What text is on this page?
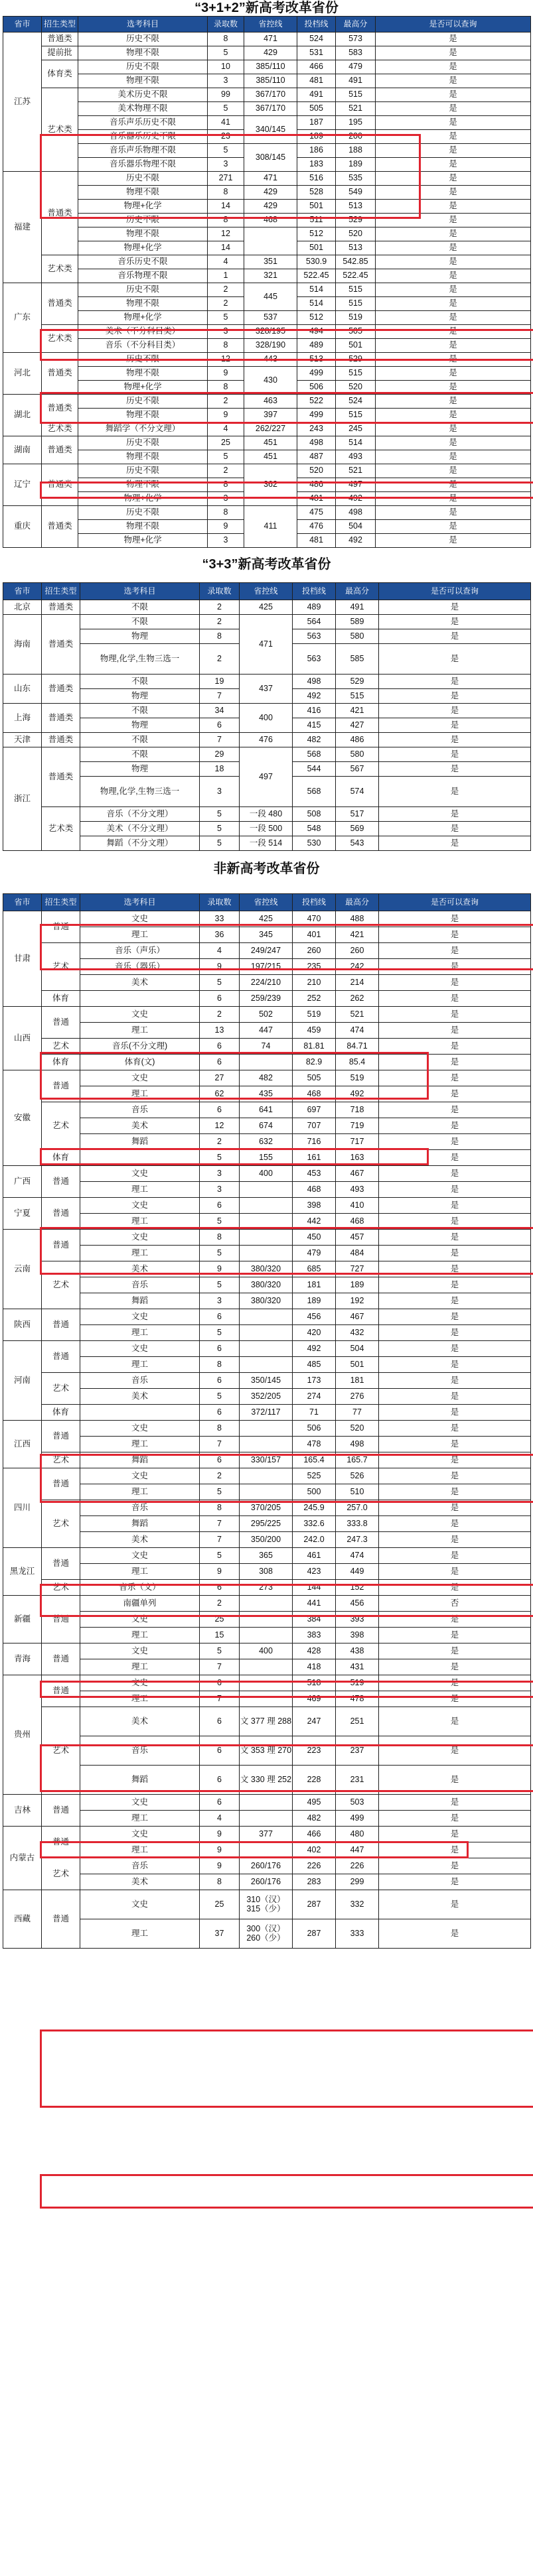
“3+1+2”新高考改革省份
省市	招生类型	选考科目	录取数	省控线	投档线	最高分	是否可以查询
江苏	普通类	历史不限	8	471	524	573	是
	提前批	物理不限	5	429	531	583	是
	体育类	历史不限	10	385/110	466	479	是
		物理不限	3	385/110	481	491	是
	艺术类	美术历史不限	99	367/170	491	515	是
		美术物理不限	5	367/170	505	521	是
		音乐声乐历史不限	41	340/145	187	195	是
		音乐器乐历史不限	23		189	200	是
		音乐声乐物理不限	5	308/145	186	188	是
		音乐器乐物理不限	3		183	189	是
福建	普通类	历史不限	271	471	516	535	是
		物理不限	8	429	528	549	是
		物理+化学	14	429	501	513	是
		历史不限	8	468	511	529	是
		物理不限	12		512	520	是
		物理+化学	14		501	513	是
	艺术类	音乐历史不限	4	351	530.9	542.85	是
		音乐物理不限	1	321	522.45	522.45	是
广东	普通类	历史不限	2	445	514	515	是
		物理不限	2		514	515	是
		物理+化学	5	537	512	519	是
	艺术类	美术（不分科目类）	3	328/195	494	505	是
		音乐（不分科目类）	8	328/190	489	501	是
河北	普通类	历史不限	12	443	513	529	是
		物理不限	9	430	499	515	是
		物理+化学	8		506	520	是
湖北	普通类	历史不限	2	463	522	524	是
		物理不限	9	397	499	515	是
	艺术类	舞蹈学（不分文理）	4	262/227	243	245	是
湖南	普通类	历史不限	25	451	498	514	是
		物理不限	5	451	487	493	是
辽宁	普通类	历史不限	2	362	520	521	是
		物理不限	8		486	497	是
		物理+化学	3		481	492	是
重庆	普通类	历史不限	8	411	475	498	是
		物理不限	9		476	504	是
		物理+化学	3		481	492	是
“3+3”新高考改革省份
省市	招生类型	选考科目	录取数	省控线	投档线	最高分	是否可以查询
北京	普通类	不限	2	425	489	491	是
海南	普通类	不限	2	471	564	589	是
		物理	8		563	580	是
		物理,化学,生物三选一	2		563	585	是
山东	普通类	不限	19	437	498	529	是
		物理	7		492	515	是
上海	普通类	不限	34	400	416	421	是
		物理	6		415	427	是
天津	普通类	不限	7	476	482	486	是
浙江	普通类	不限	29	497	568	580	是
		物理	18		544	567	是
		物理,化学,生物三选一	3		568	574	是
	艺术类	音乐（不分文理）	5	一段 480	508	517	是
		美术（不分文理）	5	一段 500	548	569	是
		舞蹈（不分文理）	5	一段 514	530	543	是
非新高考改革省份
省市	招生类型	选考科目	录取数	省控线	投档线	最高分	是否可以查询
甘肃	普通	文史	33	425	470	488	是
		理工	36	345	401	421	是
	艺术	音乐（声乐）	4	249/247	260	260	是
		音乐（器乐）	9	197/215	235	242	是
		美术	5	224/210	210	214	是
	体育		6	259/239	252	262	是
山西	普通	文史	2	502	519	521	是
		理工	13	447	459	474	是
	艺术	音乐(不分文理)	6	74	81.81	84.71	是
	体育	体育(文)	6		82.9	85.4	是
安徽	普通	文史	27	482	505	519	是
		理工	62	435	468	492	是
	艺术	音乐	6	641	697	718	是
		美术	12	674	707	719	是
		舞蹈	2	632	716	717	是
	体育		5	155	161	163	是
广西	普通	文史	3	400	453	467	是
		理工	3		468	493	是
宁夏	普通	文史	6		398	410	是
		理工	5		442	468	是
云南	普通	文史	8		450	457	是
		理工	5		479	484	是
	艺术	美术	9	380/320	685	727	是
		音乐	5	380/320	181	189	是
		舞蹈	3	380/320	189	192	是
陕西	普通	文史	6		456	467	是
		理工	5		420	432	是
河南	普通	文史	6		492	504	是
		理工	8		485	501	是
	艺术	音乐	6	350/145	173	181	是
		美术	5	352/205	274	276	是
	体育		6	372/117	71	77	是
江西	普通	文史	8		506	520	是
		理工	7		478	498	是
	艺术	舞蹈	6	330/157	165.4	165.7	是
四川	普通	文史	2		525	526	是
		理工	5		500	510	是
	艺术	音乐	8	370/205	245.9	257.0	是
		舞蹈	7	295/225	332.6	333.8	是
		美术	7	350/200	242.0	247.3	是
黑龙江	普通	文史	5	365	461	474	是
		理工	9	308	423	449	是
	艺术	音乐（文）	6	273	144	152	是
新疆	普通	南疆单列	2		441	456	否
		文史	25		384	393	是
		理工	15		383	398	是
青海	普通	文史	5	400	428	438	是
		理工	7		418	431	是
贵州	普通	文史	6		518	519	是
		理工	7		469	478	是
	艺术	美术	6	文 377 理 288	247	251	是
		音乐	6	文 353 理 270	223	237	是
		舞蹈	6	文 330 理 252	228	231	是
吉林	普通	文史	6		495	503	是
		理工	4		482	499	是
内蒙古	普通	文史	9	377	466	480	是
		理工	9		402	447	是
	艺术	音乐	9	260/176	226	226	是
		美术	8	260/176	283	299	是
西藏	普通	文史	25	310（汉） 315（少）	287	332	是
		理工	37	300（汉） 260（少）	287	333	是
